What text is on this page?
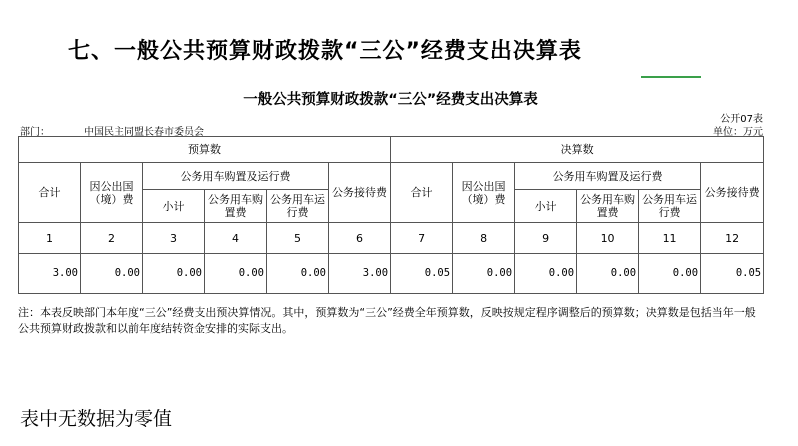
七、一般公共预算财政拨款“三公”经费支出决算表
一般公共预算财政拨款“三公”经费支出决算表
公开07表
单位：万元
部门：	中国民主同盟长春市委员会
预算数						决算数					
合计	因公出国（境）费	公务用车购置及运行费			公务接待费	合计	因公出国（境）费	公务用车购置及运行费			公务接待费
		小计	公务用车购置费	公务用车运行费				小计	公务用车购置费	公务用车运行费	
1	2	3	4	5	6	7	8	9	10	11	12
3.00	0.00	0.00	0.00	0.00	3.00	0.05	0.00	0.00	0.00	0.00	0.05
注：本表反映部门本年度“三公”经费支出预决算情况。其中，预算数为“三公”经费全年预算数，反映按规定程序调整后的预算数；决算数是包括当年一般公共预算财政拨款和以前年度结转资金安排的实际支出。
表中无数据为零值
